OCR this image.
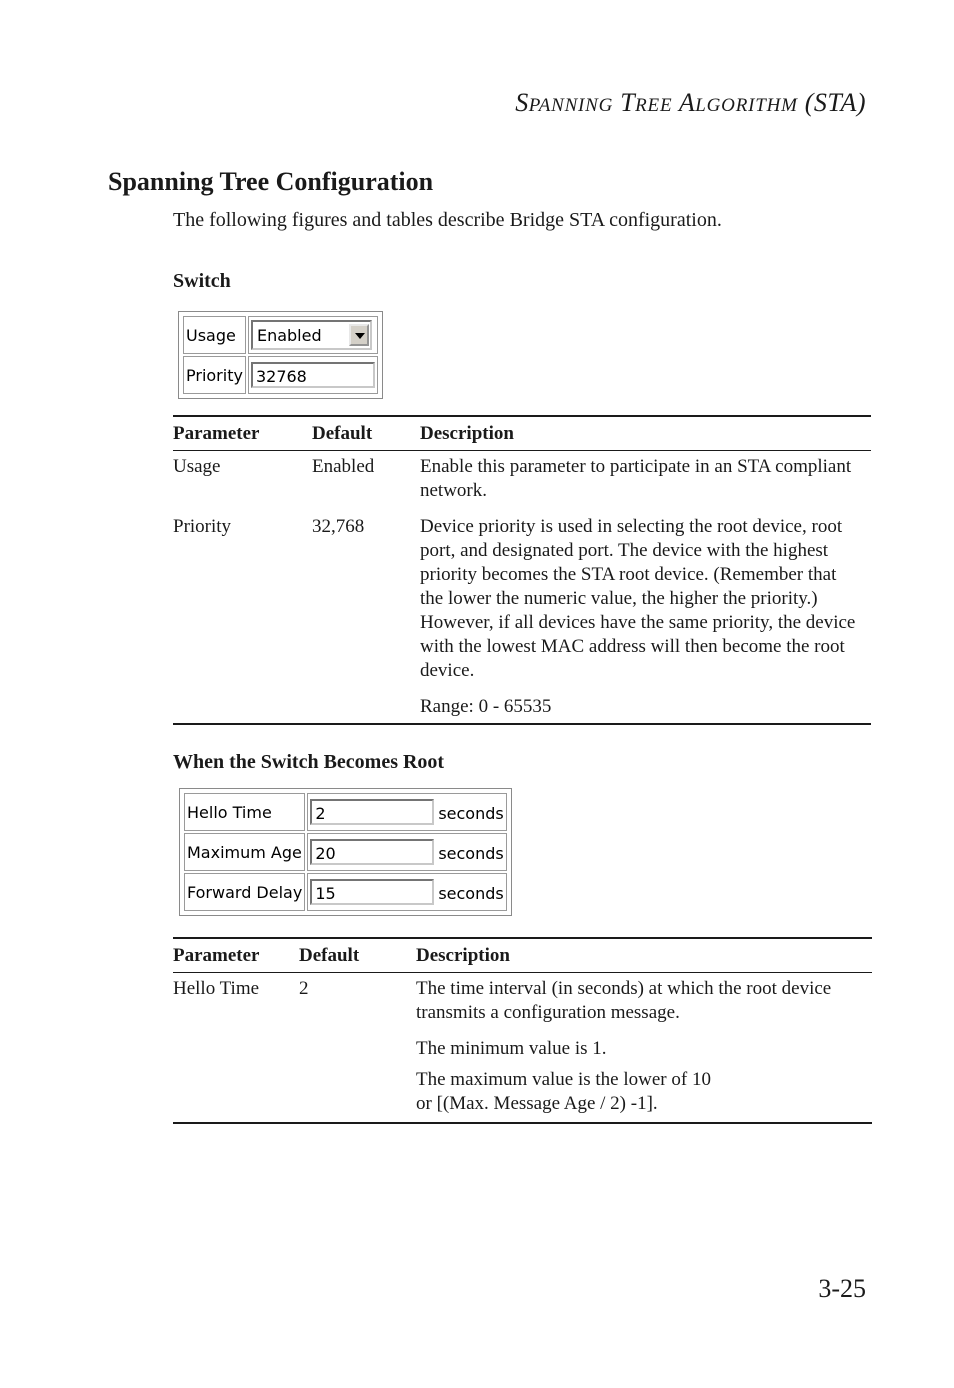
SPANNING TREE ALGORITHM (STA)
Spanning Tree Configuration
The following figures and tables describe Bridge STA configuration.
Switch
Usage	Enabled

Priority	32768
Parameter	Default	Description
Usage	Enabled	Enable this parameter to participate in an STA compliant network.

Priority	32,768	Device priority is used in selecting the root device, root port, and designated port. The device with the highest priority becomes the STA root device. (Remember that the lower the numeric value, the higher the priority.) However, if all devices have the same priority, the device with the lowest MAC address will then become the root device.

Range: 0 - 65535

When the Switch Becomes Root
Hello Time	2 seconds
Maximum Age	20 seconds
Forward Delay	15 seconds
Parameter	Default	Description
Hello Time	2	The time interval (in seconds) at which the root device transmits a configuration message.

The minimum value is 1.

The maximum value is the lower of 10 or [(Max. Message Age / 2) -1].

3-25
